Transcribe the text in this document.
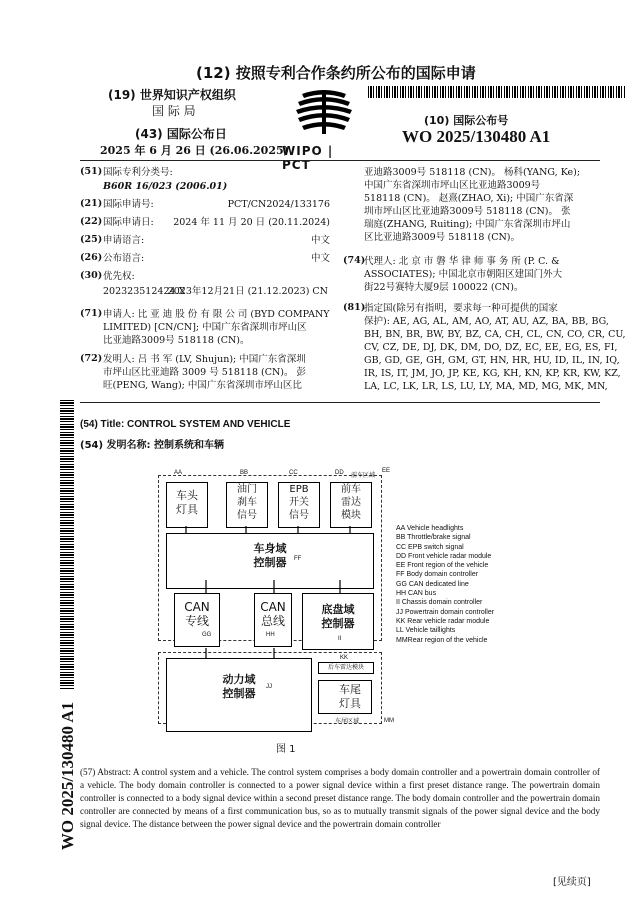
(12) 按照专利合作条约所公布的国际申请
(19) 世界知识产权组织
国 际 局
(43) 国际公布日
2025 年 6 月 26 日 (26.06.2025)
WIPO | PCT
(10) 国际公布号
WO 2025/130480 A1
(51) 国际专利分类号:
B60R 16/023 (2006.01)
(21) 国际申请号:	PCT/CN2024/133176
(22) 国际申请日: 2024 年 11 月 20 日 (20.11.2024)
(25) 申请语言:	中文
(26) 公布语言:	中文
(30) 优先权:
202323512424.X
2023年12月21日 (21.12.2023) CN
(71) 申请人: 比 亚 迪 股 份 有 限 公 司 (BYD COMPANY
LIMITED) [CN/CN]; 中国广东省深圳市坪山区
比亚迪路3009号 518118 (CN)。
(72) 发明人: 吕 书 军 (LV, Shujun); 中国广东省深圳
市坪山区比亚迪路 3009 号 518118 (CN)。 彭
旺(PENG, Wang); 中国广东省深圳市坪山区比
亚迪路3009号 518118 (CN)。 杨科(YANG, Ke);
中国广东省深圳市坪山区比亚迪路3009号
518118 (CN)。 赵熹(ZHAO, Xi); 中国广东省深
圳市坪山区比亚迪路3009号 518118 (CN)。 张
瑞庭(ZHANG, Ruiting); 中国广东省深圳市坪山
区比亚迪路3009号 518118 (CN)。
(74)
代理人: 北 京 市 磐 华 律 师 事 务 所 (P. C. &
ASSOCIATES); 中国北京市朝阳区建国门外大
街22号赛特大厦9层 100022 (CN)。
(81)
指定国(除另有指明，要求每一种可提供的国家
保护): AE, AG, AL, AM, AO, AT, AU, AZ, BA, BB, BG,
BH, BN, BR, BW, BY, BZ, CA, CH, CL, CN, CO, CR, CU,
CV, CZ, DE, DJ, DK, DM, DO, DZ, EC, EE, EG, ES, FI,
GB, GD, GE, GH, GM, GT, HN, HR, HU, ID, IL, IN, IQ,
IR, IS, IT, JM, JO, JP, KE, KG, KH, KN, KP, KR, KW, KZ,
LA, LC, LK, LR, LS, LU, LY, MA, MD, MG, MK, MN,
(54) Title: CONTROL SYSTEM AND VEHICLE
(54) 发明名称: 控制系统和车辆
AA	BB	CC	DD 前车区域
EE
车头
灯具
油门
刹车
信号
EPB
开关
信号
前车
雷达
模块
车身域
控制器	FF
CAN
专线
GG
CAN
总线
HH
底盘域
控制器
II
动力域
控制器	JJ
KK
后车雷达模块
车尾
灯具
车尾区域	MM
AA Vehicle headlights
BB Throttle/brake signal
CC EPB switch signal
DD Front vehicle radar module
EE Front region of the vehicle
FF Body domain controller
GG CAN dedicated line
HH CAN bus
II Chassis domain controller
JJ Powertrain domain controller
KK Rear vehicle radar module
LL Vehicle taillights
MMRear region of the vehicle
图 1
(57) Abstract: A control system and a vehicle. The control system comprises a body domain controller and a powertrain domain controller of a vehicle. The body domain controller is connected to a power signal device within a first preset distance range. The powertrain domain controller is connected to a body signal device within a second preset distance range. The body domain controller and the powertrain domain controller are connected by means of a first communication bus, so as to mutually transmit signals of the power signal device and the body signal device. The distance between the power signal device and the powertrain domain controller
WO 2025/130480 A1
[见续页]
